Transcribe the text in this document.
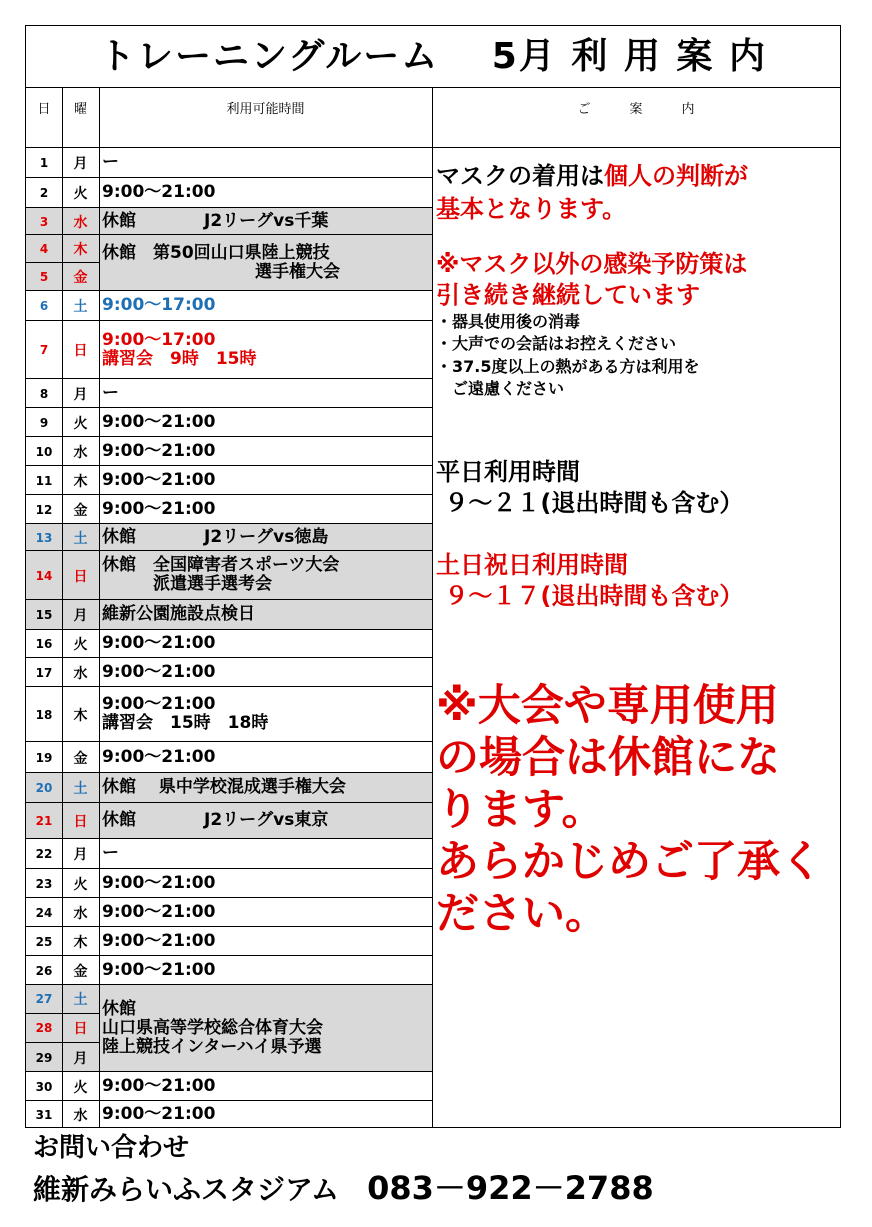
トレーニングルーム　 5月 利 用 案 内
日	曜	利用可能時間	ご　　　案　　　内
1	月 ー
2	火 9:00～21:00
3	水 休館　　　　J2リーグvs千葉
4	木
5	金
休館　第50回山口県陸上競技
　　　　　　　　　選手権大会
6	土 9:00～17:00
7	日
9:00～17:00
講習会　9時　15時
8	月 ー
9	火 9:00～21:00
10	水 9:00～21:00
11	木 9:00～21:00
12	金 9:00～21:00
13	土 休館　　　　J2リーグvs徳島
14	日
休館　全国障害者スポーツ大会
　　　派遣選手選考会
15	月 維新公園施設点検日
16	火 9:00～21:00
17	水 9:00～21:00
18	木
9:00～21:00
講習会　15時　18時
19	金 9:00～21:00
20	土 休館　 県中学校混成選手権大会
21	日 休館　　　　J2リーグvs東京
22	月 ー
23	火 9:00～21:00
24	水 9:00～21:00
25	木 9:00～21:00
26	金 9:00～21:00
27	土
28	日
29	月
休館
山口県高等学校総合体育大会
陸上競技インターハイ県予選
30	火 9:00～21:00
31	水 9:00～21:00
マスクの着用は個人の判断が
基本となります。
※マスク以外の感染予防策は
引き続き継続しています
・器具使用後の消毒
・大声での会話はお控えください
・37.5度以上の熱がある方は利用を
　ご遠慮ください
平日利用時間
９～２１(退出時間も含む）
土日祝日利用時間
９～１７(退出時間も含む）
※大会や専用使用
の場合は休館にな
ります。
あらかじめご了承く
ださい。
お問い合わせ
維新みらいふスタジアム　 083－922－2788
